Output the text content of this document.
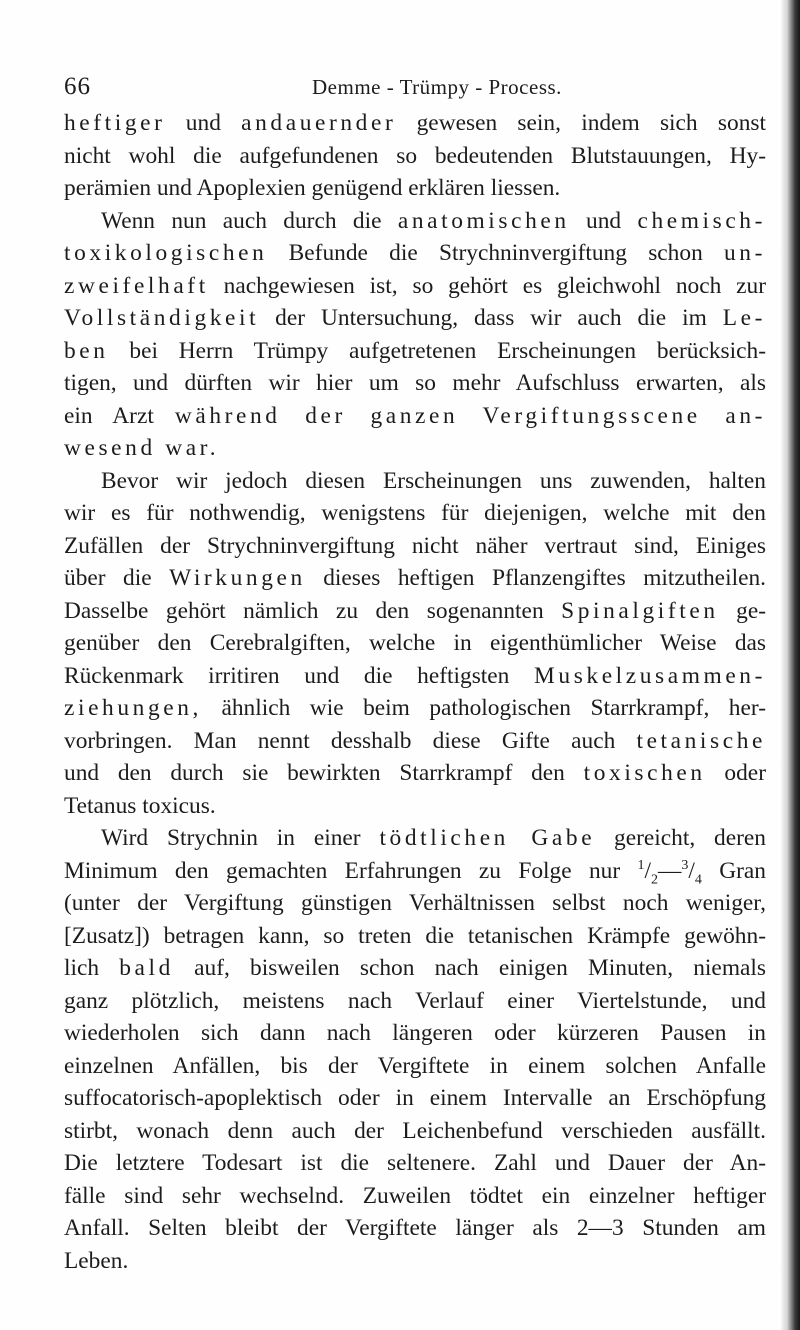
66	Demme - Trümpy - Process.
heftiger und andauernder gewesen sein, indem sich sonst
nicht wohl die aufgefundenen so bedeutenden Blutstauungen, Hy-
perämien und Apoplexien genügend erklären liessen.
Wenn nun auch durch die anatomischen und chemisch-
toxikologischen Befunde die Strychninvergiftung schon un-
zweifelhaft nachgewiesen ist, so gehört es gleichwohl noch zur
Vollständigkeit der Untersuchung, dass wir auch die im Le-
ben bei Herrn Trümpy aufgetretenen Erscheinungen berücksich-
tigen, und dürften wir hier um so mehr Aufschluss erwarten, als
ein Arzt während der ganzen Vergiftungsscene an-
wesend war.
Bevor wir jedoch diesen Erscheinungen uns zuwenden, halten
wir es für nothwendig, wenigstens für diejenigen, welche mit den
Zufällen der Strychninvergiftung nicht näher vertraut sind, Einiges
über die Wirkungen dieses heftigen Pflanzengiftes mitzutheilen.
Dasselbe gehört nämlich zu den sogenannten Spinalgiften ge-
genüber den Cerebralgiften, welche in eigenthümlicher Weise das
Rückenmark irritiren und die heftigsten Muskelzusammen-
ziehungen, ähnlich wie beim pathologischen Starrkrampf, her-
vorbringen. Man nennt desshalb diese Gifte auch tetanische
und den durch sie bewirkten Starrkrampf den toxischen oder
Tetanus toxicus.
Wird Strychnin in einer tödtlichen Gabe gereicht, deren
Minimum den gemachten Erfahrungen zu Folge nur $^1/_2—^3/_4$ Gran
(unter der Vergiftung günstigen Verhältnissen selbst noch weniger,
[Zusatz]) betragen kann, so treten die tetanischen Krämpfe gewöhn-
lich bald auf, bisweilen schon nach einigen Minuten, niemals
ganz plötzlich, meistens nach Verlauf einer Viertelstunde, und
wiederholen sich dann nach längeren oder kürzeren Pausen in
einzelnen Anfällen, bis der Vergiftete in einem solchen Anfalle
suffocatorisch-apoplektisch oder in einem Intervalle an Erschöpfung
stirbt, wonach denn auch der Leichenbefund verschieden ausfällt.
Die letztere Todesart ist die seltenere. Zahl und Dauer der An-
fälle sind sehr wechselnd. Zuweilen tödtet ein einzelner heftiger
Anfall. Selten bleibt der Vergiftete länger als 2—3 Stunden am
Leben.
